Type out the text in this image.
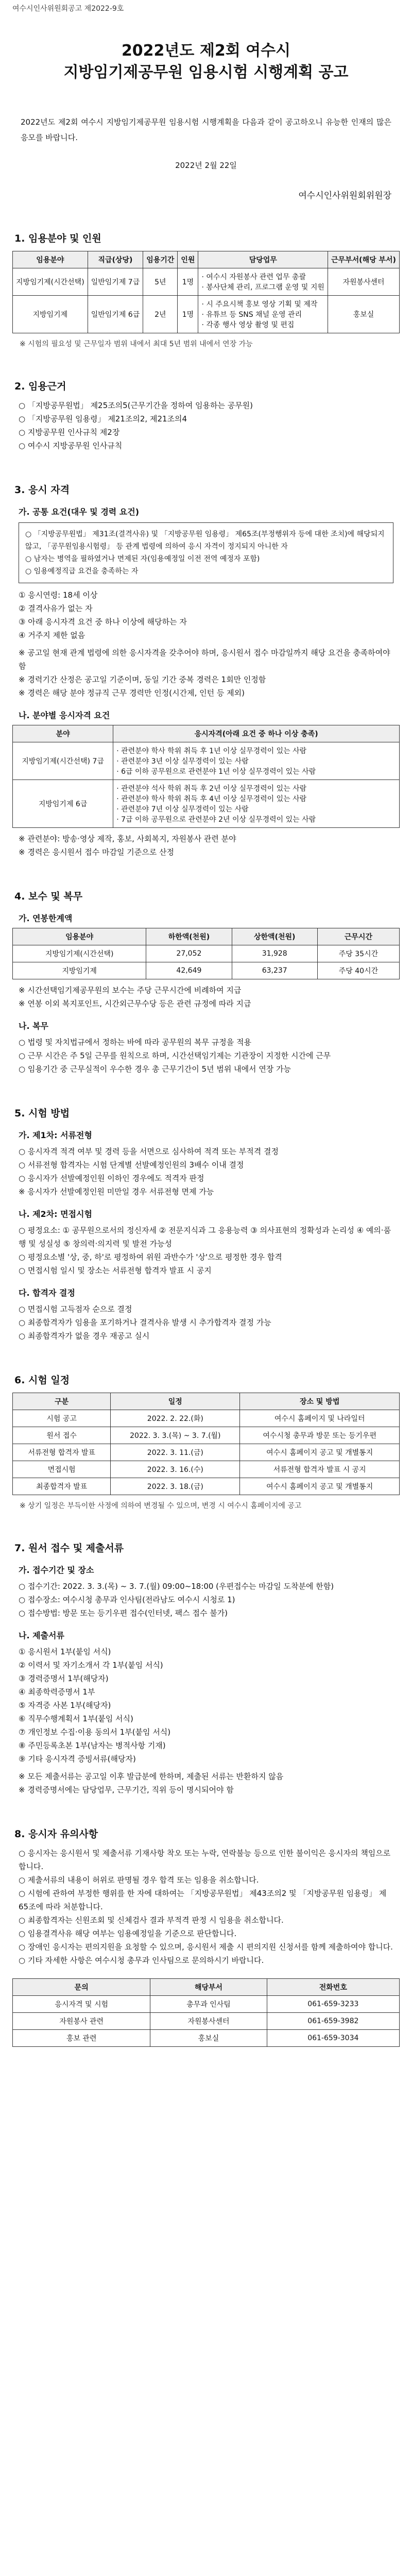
여수시인사위원회공고 제2022-9호
2022년도 제2회 여수시
지방임기제공무원 임용시험 시행계획 공고
2022년도 제2회 여수시 지방임기제공무원 임용시험 시행계획을 다음과 같이 공고하오니 유능한 인재의 많은 응모를 바랍니다.
2022년 2월 22일
여수시인사위원회위원장
1. 임용분야 및 인원
임용분야	직급(상당)	임용기간	인원	담당업무	근무부서(해당 부서)
지방임기제(시간선택)	일반임기제 7급	5년	1명	· 여수시 자원봉사 관련 업무 총괄
· 봉사단체 관리, 프로그램 운영 및 지원	자원봉사센터
지방임기제	일반임기제 6급	2년	1명	· 시 주요시책 홍보 영상 기획 및 제작
· 유튜브 등 SNS 채널 운영 관리
· 각종 행사 영상 촬영 및 편집	홍보실
※ 시험의 필요성 및 근무일자 범위 내에서 최대 5년 범위 내에서 연장 가능
2. 임용근거
○ 「지방공무원법」 제25조의5(근무기간을 정하여 임용하는 공무원)
○ 「지방공무원 임용령」 제21조의2, 제21조의4
○ 지방공무원 인사규칙 제2장
○ 여수시 지방공무원 인사규칙
3. 응시 자격
가. 공통 요건(대우 및 경력 요건)
○ 「지방공무원법」 제31조(결격사유) 및 「지방공무원 임용령」 제65조(부정행위자 등에 대한 조치)에 해당되지 않고, 「공무원임용시험령」 등 관계 법령에 의하여 응시 자격이 정지되지 아니한 자
○ 남자는 병역을 필하였거나 면제된 자(임용예정일 이전 전역 예정자 포함)
○ 임용예정직급 요건을 충족하는 자
① 응시연령: 18세 이상
② 결격사유가 없는 자
③ 아래 응시자격 요건 중 하나 이상에 해당하는 자
④ 거주지 제한 없음
※ 공고일 현재 관계 법령에 의한 응시자격을 갖추어야 하며, 응시원서 접수 마감일까지 해당 요건을 충족하여야 함
※ 경력기간 산정은 공고일 기준이며, 동일 기간 중복 경력은 1회만 인정함
※ 경력은 해당 분야 정규직 근무 경력만 인정(시간제, 인턴 등 제외)
나. 분야별 응시자격 요건
분야	응시자격(아래 요건 중 하나 이상 충족)
지방임기제(시간선택) 7급	· 관련분야 학사 학위 취득 후 1년 이상 실무경력이 있는 사람
· 관련분야 3년 이상 실무경력이 있는 사람
· 6급 이하 공무원으로 관련분야 1년 이상 실무경력이 있는 사람
지방임기제 6급	· 관련분야 석사 학위 취득 후 2년 이상 실무경력이 있는 사람
· 관련분야 학사 학위 취득 후 4년 이상 실무경력이 있는 사람
· 관련분야 7년 이상 실무경력이 있는 사람
· 7급 이하 공무원으로 관련분야 2년 이상 실무경력이 있는 사람
※ 관련분야: 방송·영상 제작, 홍보, 사회복지, 자원봉사 관련 분야
※ 경력은 응시원서 접수 마감일 기준으로 산정
4. 보수 및 복무
가. 연봉한계액
임용분야	하한액(천원)	상한액(천원)	근무시간
지방임기제(시간선택)	27,052	31,928	주당 35시간
지방임기제	42,649	63,237	주당 40시간
※ 시간선택임기제공무원의 보수는 주당 근무시간에 비례하여 지급
※ 연봉 이외 복지포인트, 시간외근무수당 등은 관련 규정에 따라 지급
나. 복무
○ 법령 및 자치법규에서 정하는 바에 따라 공무원의 복무 규정을 적용
○ 근무 시간은 주 5일 근무를 원칙으로 하며, 시간선택임기제는 기관장이 지정한 시간에 근무
○ 임용기간 중 근무실적이 우수한 경우 총 근무기간이 5년 범위 내에서 연장 가능
5. 시험 방법
가. 제1차: 서류전형
○ 응시자격 적격 여부 및 경력 등을 서면으로 심사하여 적격 또는 부적격 결정
○ 서류전형 합격자는 시험 단계별 선발예정인원의 3배수 이내 결정
○ 응시자가 선발예정인원 이하인 경우에도 적격자 판정
※ 응시자가 선발예정인원 미만일 경우 서류전형 면제 가능
나. 제2차: 면접시험
○ 평정요소: ① 공무원으로서의 정신자세 ② 전문지식과 그 응용능력 ③ 의사표현의 정확성과 논리성 ④ 예의·품행 및 성실성 ⑤ 창의력·의지력 및 발전 가능성
○ 평정요소별 '상, 중, 하'로 평정하여 위원 과반수가 '상'으로 평정한 경우 합격
○ 면접시험 일시 및 장소는 서류전형 합격자 발표 시 공지
다. 합격자 결정
○ 면접시험 고득점자 순으로 결정
○ 최종합격자가 임용을 포기하거나 결격사유 발생 시 추가합격자 결정 가능
○ 최종합격자가 없을 경우 재공고 실시
6. 시험 일정
구분	일정	장소 및 방법
시험 공고	2022. 2. 22.(화)	여수시 홈페이지 및 나라일터
원서 접수	2022. 3. 3.(목) ~ 3. 7.(월)	여수시청 총무과 방문 또는 등기우편
서류전형 합격자 발표	2022. 3. 11.(금)	여수시 홈페이지 공고 및 개별통지
면접시험	2022. 3. 16.(수)	서류전형 합격자 발표 시 공지
최종합격자 발표	2022. 3. 18.(금)	여수시 홈페이지 공고 및 개별통지
※ 상기 일정은 부득이한 사정에 의하여 변경될 수 있으며, 변경 시 여수시 홈페이지에 공고
7. 원서 접수 및 제출서류
가. 접수기간 및 장소
○ 접수기간: 2022. 3. 3.(목) ~ 3. 7.(월) 09:00~18:00 (우편접수는 마감일 도착분에 한함)
○ 접수장소: 여수시청 총무과 인사팀(전라남도 여수시 시청로 1)
○ 접수방법: 방문 또는 등기우편 접수(인터넷, 팩스 접수 불가)
나. 제출서류
① 응시원서 1부(붙임 서식)
② 이력서 및 자기소개서 각 1부(붙임 서식)
③ 경력증명서 1부(해당자)
④ 최종학력증명서 1부
⑤ 자격증 사본 1부(해당자)
⑥ 직무수행계획서 1부(붙임 서식)
⑦ 개인정보 수집·이용 동의서 1부(붙임 서식)
⑧ 주민등록초본 1부(남자는 병적사항 기재)
⑨ 기타 응시자격 증빙서류(해당자)
※ 모든 제출서류는 공고일 이후 발급분에 한하며, 제출된 서류는 반환하지 않음
※ 경력증명서에는 담당업무, 근무기간, 직위 등이 명시되어야 함
8. 응시자 유의사항
○ 응시자는 응시원서 및 제출서류 기재사항 착오 또는 누락, 연락불능 등으로 인한 불이익은 응시자의 책임으로 합니다.
○ 제출서류의 내용이 허위로 판명될 경우 합격 또는 임용을 취소합니다.
○ 시험에 관하여 부정한 행위를 한 자에 대하여는 「지방공무원법」 제43조의2 및 「지방공무원 임용령」 제65조에 따라 처분합니다.
○ 최종합격자는 신원조회 및 신체검사 결과 부적격 판정 시 임용을 취소합니다.
○ 임용결격사유 해당 여부는 임용예정일을 기준으로 판단합니다.
○ 장애인 응시자는 편의지원을 요청할 수 있으며, 응시원서 제출 시 편의지원 신청서를 함께 제출하여야 합니다.
○ 기타 자세한 사항은 여수시청 총무과 인사팀으로 문의하시기 바랍니다.
문의	해당부서	전화번호
응시자격 및 시험	총무과 인사팀	061-659-3233
자원봉사 관련	자원봉사센터	061-659-3982
홍보 관련	홍보실	061-659-3034
